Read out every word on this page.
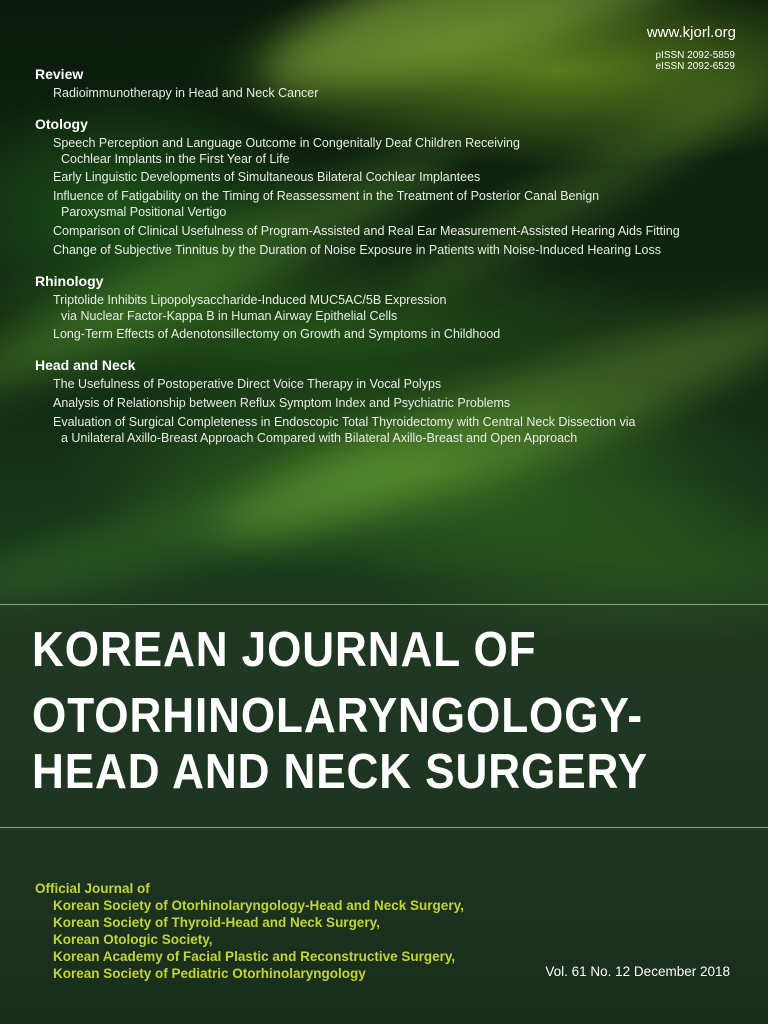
www.kjorl.org
pISSN 2092-5859
eISSN 2092-6529
Review
Radioimmunotherapy in Head and Neck Cancer
Otology
Speech Perception and Language Outcome in Congenitally Deaf Children Receiving
Cochlear Implants in the First Year of Life
Early Linguistic Developments of Simultaneous Bilateral Cochlear Implantees
Influence of Fatigability on the Timing of Reassessment in the Treatment of Posterior Canal Benign
Paroxysmal Positional Vertigo
Comparison of Clinical Usefulness of Program-Assisted and Real Ear Measurement-Assisted Hearing Aids Fitting
Change of Subjective Tinnitus by the Duration of Noise Exposure in Patients with Noise-Induced Hearing Loss
Rhinology
Triptolide Inhibits Lipopolysaccharide-Induced MUC5AC/5B Expression
via Nuclear Factor-Kappa B in Human Airway Epithelial Cells
Long-Term Effects of Adenotonsillectomy on Growth and Symptoms in Childhood
Head and Neck
The Usefulness of Postoperative Direct Voice Therapy in Vocal Polyps
Analysis of Relationship between Reflux Symptom Index and Psychiatric Problems
Evaluation of Surgical Completeness in Endoscopic Total Thyroidectomy with Central Neck Dissection via
a Unilateral Axillo-Breast Approach Compared with Bilateral Axillo-Breast and Open Approach
KOREAN JOURNAL OF
OTORHINOLARYNGOLOGY-
HEAD AND NECK SURGERY
Official Journal of
Korean Society of Otorhinolaryngology-Head and Neck Surgery,
Korean Society of Thyroid-Head and Neck Surgery,
Korean Otologic Society,
Korean Academy of Facial Plastic and Reconstructive Surgery,
Korean Society of Pediatric Otorhinolaryngology	Vol. 61 No. 12 December 2018
